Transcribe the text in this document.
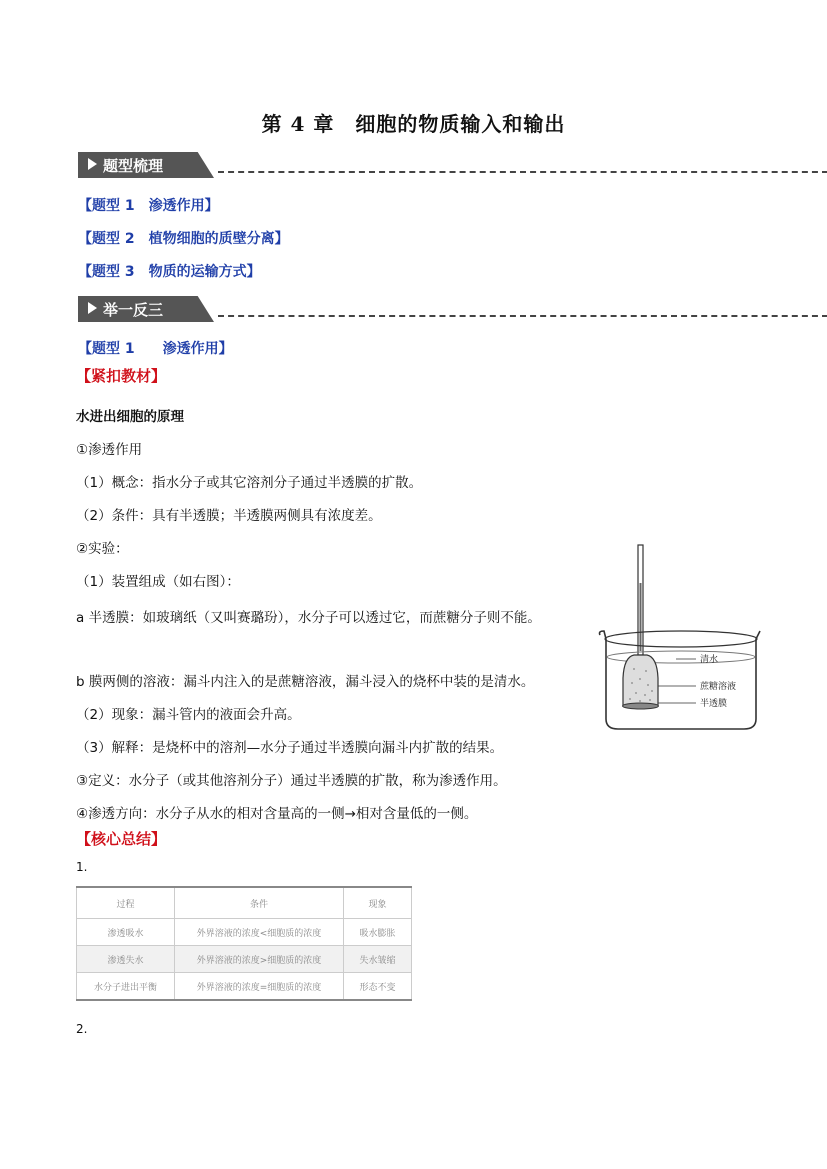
第 4 章　细胞的物质输入和输出
题型梳理
【题型 1　渗透作用】
【题型 2　植物细胞的质壁分离】
【题型 3　物质的运输方式】
举一反三
【题型 1　　渗透作用】
【紧扣教材】
水进出细胞的原理
①渗透作用
（1）概念：指水分子或其它溶剂分子通过半透膜的扩散。
（2）条件：具有半透膜；半透膜两侧具有浓度差。
②实验：
（1）装置组成（如右图）：
a 半透膜：如玻璃纸（又叫赛璐玢），水分子可以透过它，而蔗糖分子则不能。
b 膜两侧的溶液：漏斗内注入的是蔗糖溶液，漏斗浸入的烧杯中装的是清水。
（2）现象：漏斗管内的液面会升高。
（3）解释：是烧杯中的溶剂—水分子通过半透膜向漏斗内扩散的结果。
③定义：水分子（或其他溶剂分子）通过半透膜的扩散，称为渗透作用。
④渗透方向：水分子从水的相对含量高的一侧→相对含量低的一侧。
【核心总结】
1.
过程	条件	现象
渗透吸水	外界溶液的浓度<细胞质的浓度	吸水膨胀
渗透失水	外界溶液的浓度>细胞质的浓度	失水皱缩
水分子进出平衡	外界溶液的浓度=细胞质的浓度	形态不变
2.
清水
蔗糖溶液
半透膜
